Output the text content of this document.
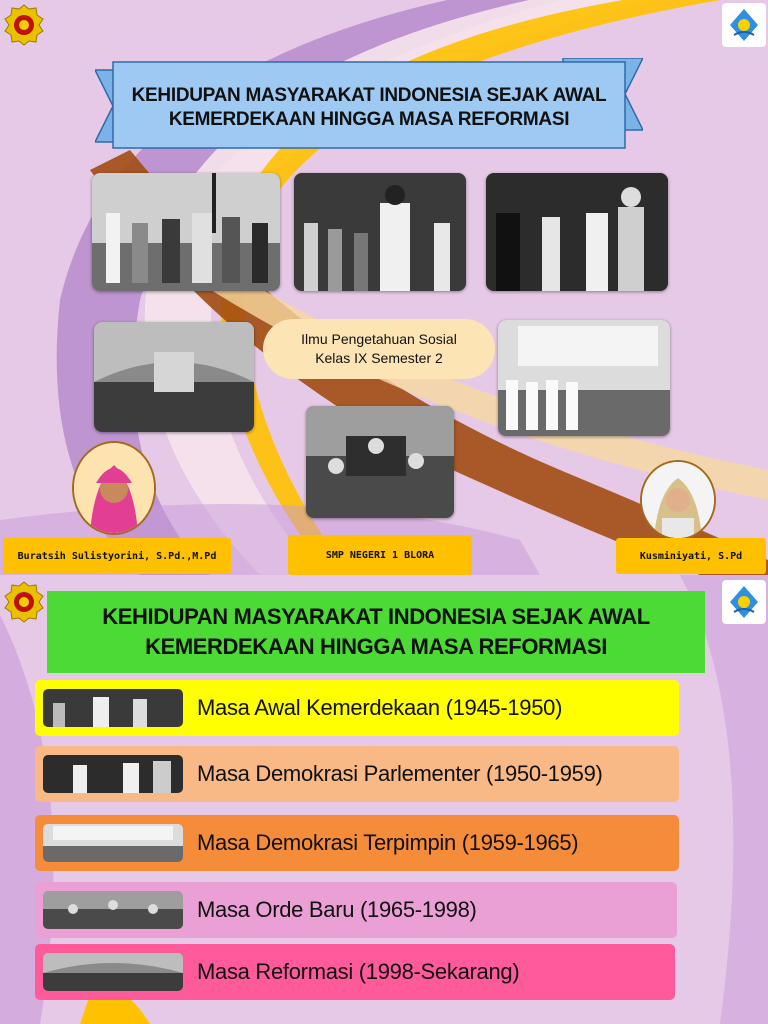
KEHIDUPAN MASYARAKAT INDONESIA SEJAK AWAL
KEMERDEKAAN HINGGA MASA REFORMASI
Ilmu Pengetahuan Sosial
Kelas IX Semester 2
Buratsih Sulistyorini, S.Pd.,M.Pd	SMP NEGERI 1 BLORA	Kusminiyati, S.Pd
KEHIDUPAN MASYARAKAT INDONESIA SEJAK AWAL
KEMERDEKAAN HINGGA MASA REFORMASI
Masa Awal Kemerdekaan (1945-1950)
Masa Demokrasi Parlementer (1950-1959)
Masa Demokrasi Terpimpin (1959-1965)
Masa Orde Baru (1965-1998)
Masa Reformasi (1998-Sekarang)
